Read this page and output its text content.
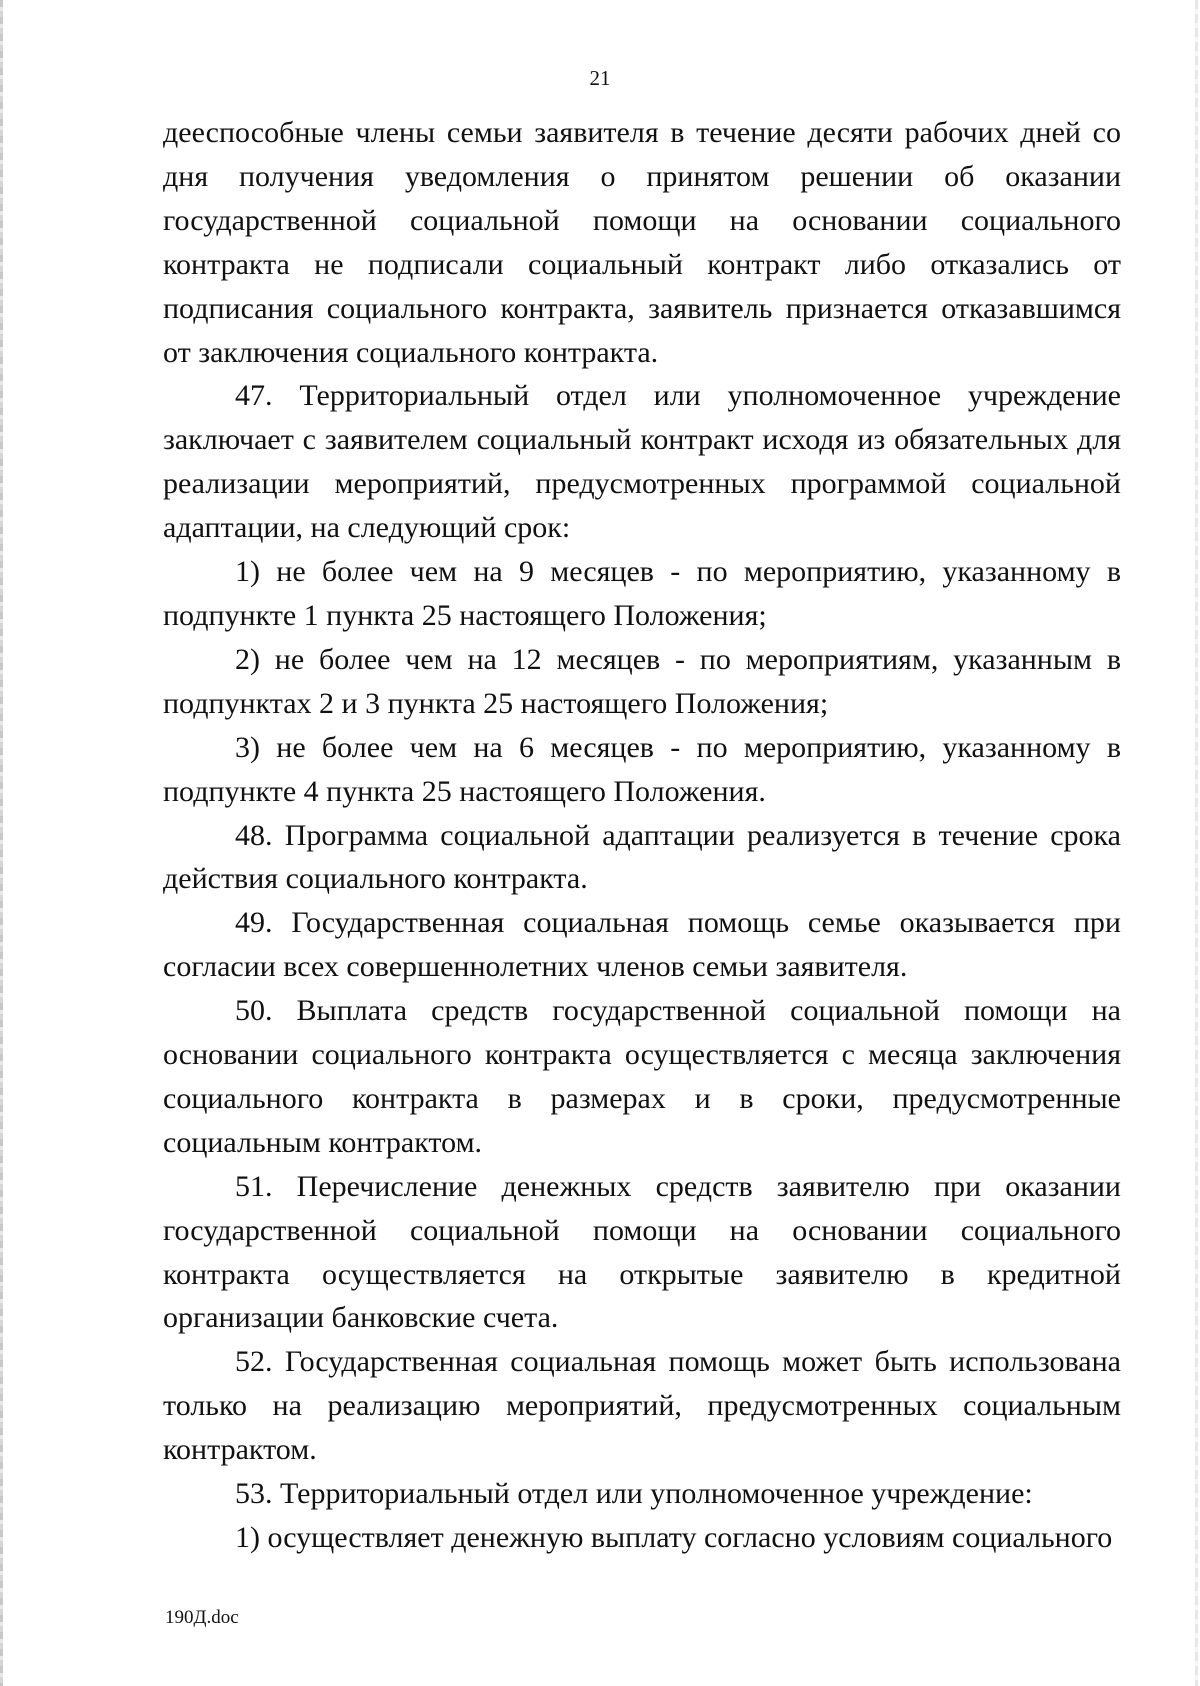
21

дееспособные члены семьи заявителя в течение десяти рабочих дней со дня получения уведомления о принятом решении об оказании государственной социальной помощи на основании социального контракта не подписали социальный контракт либо отказались от подписания социального контракта, заявитель признается отказавшимся от заключения социального контракта.

47. Территориальный отдел или уполномоченное учреждение заключает с заявителем социальный контракт исходя из обязательных для реализации мероприятий, предусмотренных программой социальной адаптации, на следующий срок:

1) не более чем на 9 месяцев - по мероприятию, указанному в подпункте 1 пункта 25 настоящего Положения;

2) не более чем на 12 месяцев - по мероприятиям, указанным в подпунктах 2 и 3 пункта 25 настоящего Положения;

3) не более чем на 6 месяцев - по мероприятию, указанному в подпункте 4 пункта 25 настоящего Положения.

48. Программа социальной адаптации реализуется в течение срока действия социального контракта.

49. Государственная социальная помощь семье оказывается при согласии всех совершеннолетних членов семьи заявителя.

50. Выплата средств государственной социальной помощи на основании социального контракта осуществляется с месяца заключения социального контракта в размерах и в сроки, предусмотренные социальным контрактом.

51. Перечисление денежных средств заявителю при оказании государственной социальной помощи на основании социального контракта осуществляется на открытые заявителю в кредитной организации банковские счета.

52. Государственная социальная помощь может быть использована только на реализацию мероприятий, предусмотренных социальным контрактом.

53. Территориальный отдел или уполномоченное учреждение:

1) осуществляет денежную выплату согласно условиям социального

190Д.doc
